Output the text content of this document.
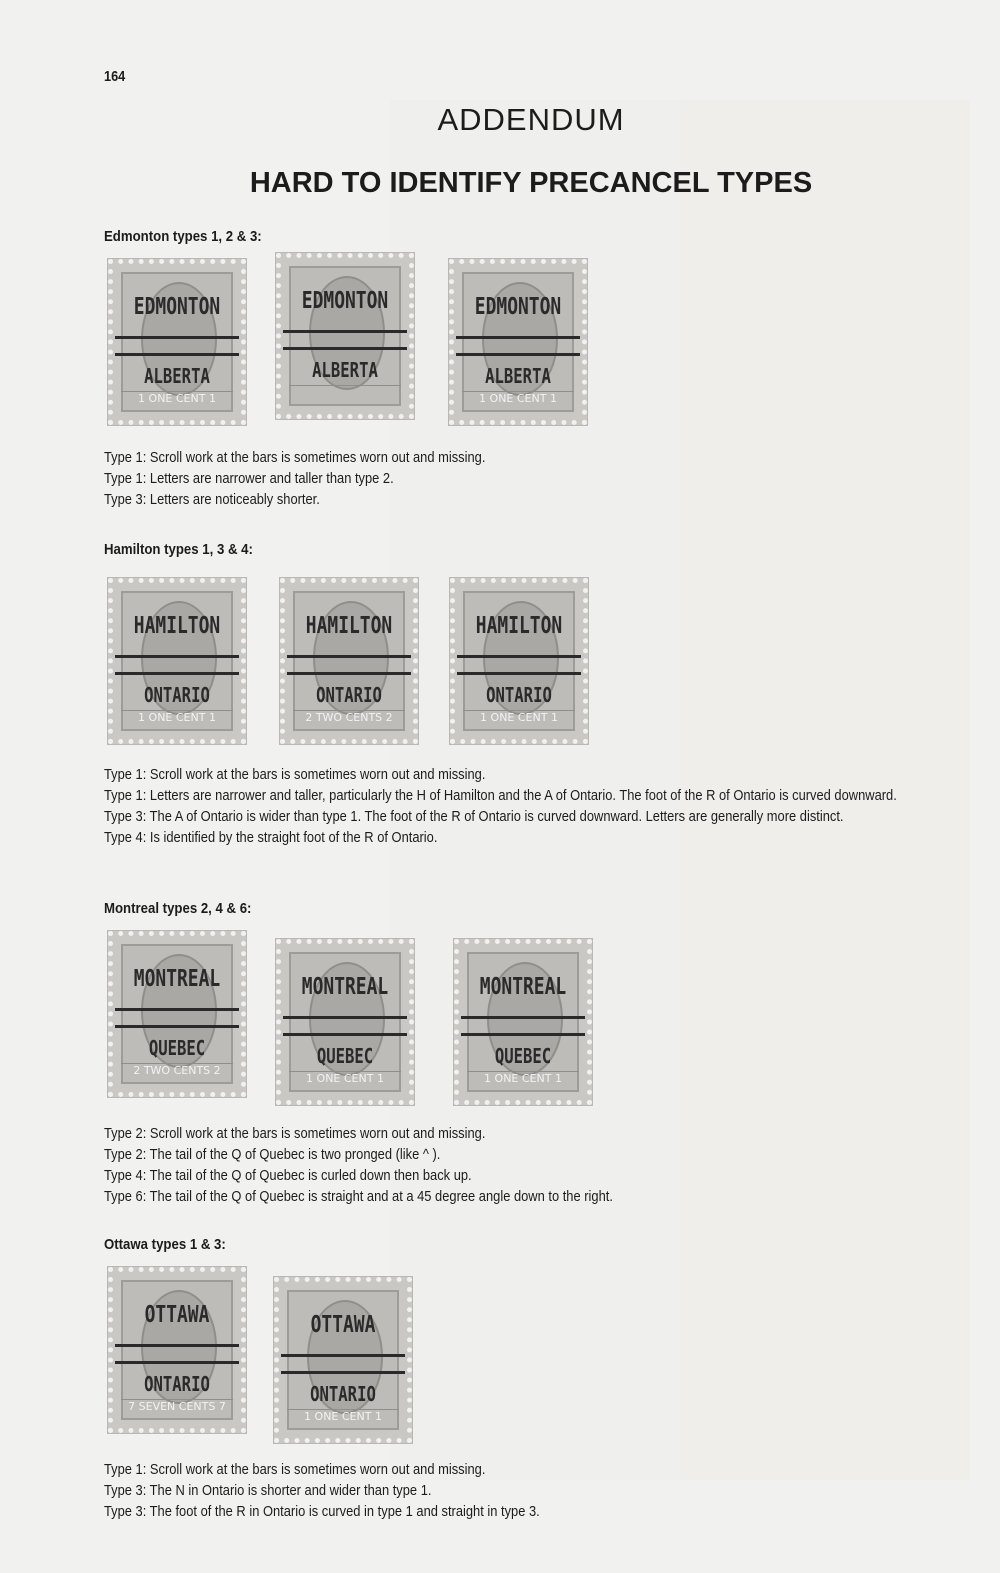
164
ADDENDUM
HARD TO IDENTIFY PRECANCEL TYPES
Edmonton types 1, 2 & 3:
EDMONTON
ALBERTA
1 ONE CENT 1
EDMONTON
ALBERTA
EDMONTON
ALBERTA
1 ONE CENT 1
Type 1: Scroll work at the bars is sometimes worn out and missing.
Type 1: Letters are narrower and taller than type 2.
Type 3: Letters are noticeably shorter.
Hamilton types 1, 3 & 4:
HAMILTON
ONTARIO
1 ONE CENT 1
HAMILTON
ONTARIO
2 TWO CENTS 2
HAMILTON
ONTARIO
1 ONE CENT 1
Type 1: Scroll work at the bars is sometimes worn out and missing.
Type 1: Letters are narrower and taller, particularly the H of Hamilton and the A of Ontario. The foot of the R of Ontario is curved downward.
Type 3: The A of Ontario is wider than type 1. The foot of the R of Ontario is curved downward. Letters are generally more distinct.
Type 4: Is identified by the straight foot of the R of Ontario.
Montreal types 2, 4 & 6:
MONTREAL
QUEBEC
2 TWO CENTS 2
MONTREAL
QUEBEC
1 ONE CENT 1
MONTREAL
QUEBEC
1 ONE CENT 1
Type 2: Scroll work at the bars is sometimes worn out and missing.
Type 2: The tail of the Q of Quebec is two pronged (like ^ ).
Type 4: The tail of the Q of Quebec is curled down then back up.
Type 6: The tail of the Q of Quebec is straight and at a 45 degree angle down to the right.
Ottawa types 1 & 3:
OTTAWA
ONTARIO
7 SEVEN CENTS 7
OTTAWA
ONTARIO
1 ONE CENT 1
Type 1: Scroll work at the bars is sometimes worn out and missing.
Type 3: The N in Ontario is shorter and wider than type 1.
Type 3: The foot of the R in Ontario is curved in type 1 and straight in type 3.
